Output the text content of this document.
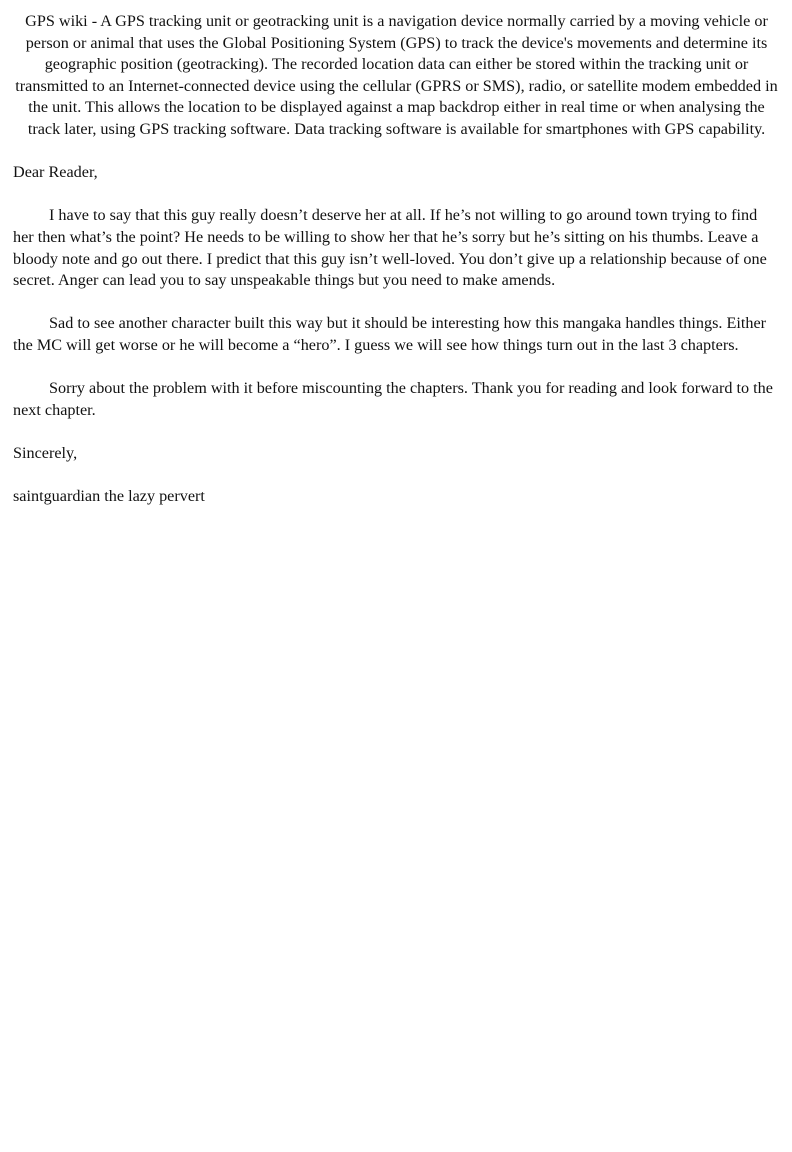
GPS wiki - A GPS tracking unit or geotracking unit is a navigation device normally carried by a moving vehicle or person or animal that uses the Global Positioning System (GPS) to track the device's movements and determine its geographic position (geotracking). The recorded location data can either be stored within the tracking unit or transmitted to an Internet-connected device using the cellular (GPRS or SMS), radio, or satellite modem embedded in the unit. This allows the location to be displayed against a map backdrop either in real time or when analysing the track later, using GPS tracking software. Data tracking software is available for smartphones with GPS capability.

Dear Reader,

I have to say that this guy really doesn’t deserve her at all. If he’s not willing to go around town trying to find her then what’s the point? He needs to be willing to show her that he’s sorry but he’s sitting on his thumbs. Leave a bloody note and go out there. I predict that this guy isn’t well-loved. You don’t give up a relationship because of one secret. Anger can lead you to say unspeakable things but you need to make amends.

Sad to see another character built this way but it should be interesting how this mangaka handles things. Either the MC will get worse or he will become a “hero”. I guess we will see how things turn out in the last 3 chapters.

Sorry about the problem with it before miscounting the chapters. Thank you for reading and look forward to the next chapter.

Sincerely,

saintguardian the lazy pervert
